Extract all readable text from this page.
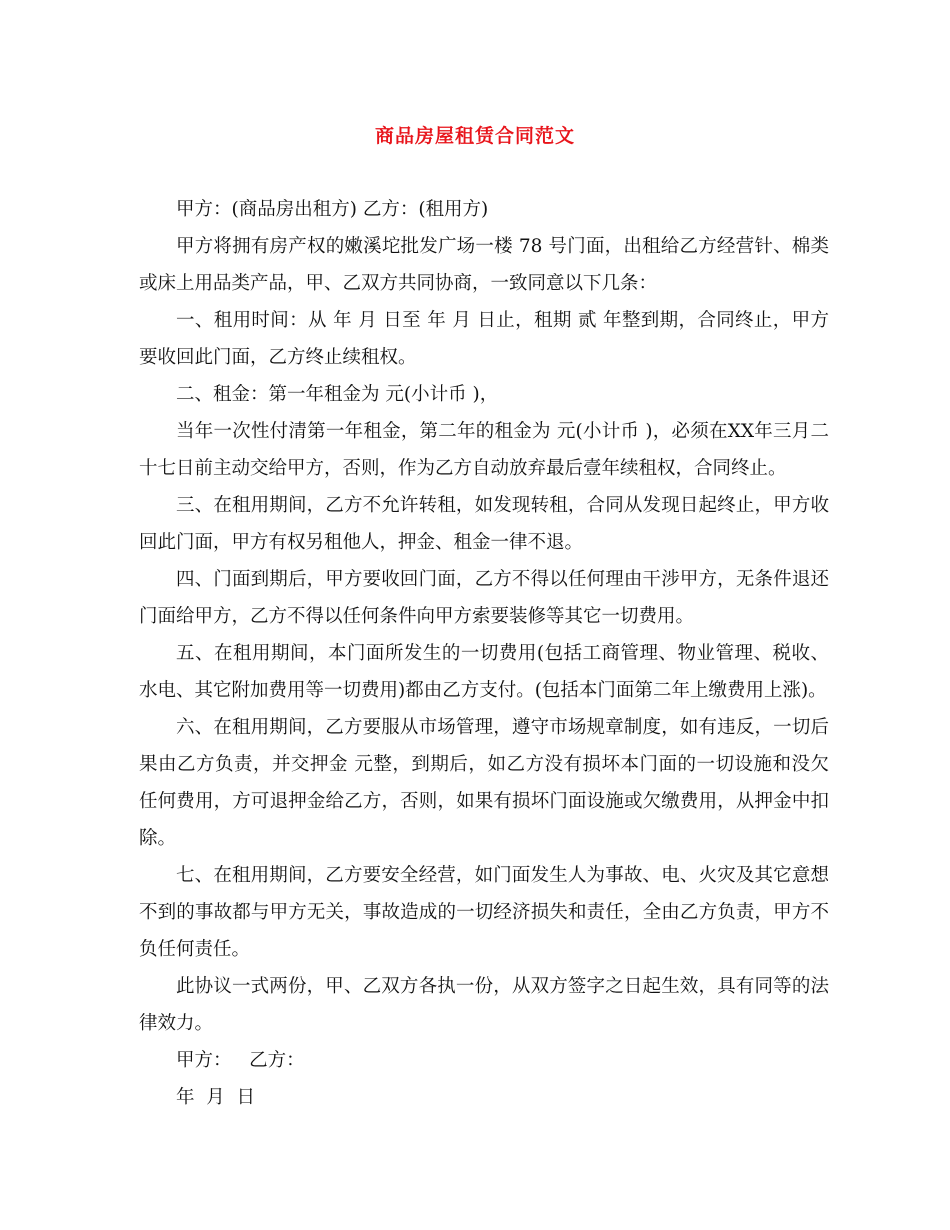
商品房屋租赁合同范文

甲方：(商品房出租方) 乙方：(租用方)

甲方将拥有房产权的嫩溪坨批发广场一楼 78 号门面，出租给乙方经营针、棉类或床上用品类产品，甲、乙双方共同协商，一致同意以下几条：

一、租用时间：从 年 月 日至 年 月 日止，租期 贰 年整到期，合同终止，甲方要收回此门面，乙方终止续租权。

二、租金：第一年租金为 元(小计币 )，

当年一次性付清第一年租金，第二年的租金为 元(小计币 )，必须在XX年三月二十七日前主动交给甲方，否则，作为乙方自动放弃最后壹年续租权，合同终止。

三、在租用期间，乙方不允许转租，如发现转租，合同从发现日起终止，甲方收回此门面，甲方有权另租他人，押金、租金一律不退。

四、门面到期后，甲方要收回门面，乙方不得以任何理由干涉甲方，无条件退还门面给甲方，乙方不得以任何条件向甲方索要装修等其它一切费用。

五、在租用期间，本门面所发生的一切费用(包括工商管理、物业管理、税收、水电、其它附加费用等一切费用)都由乙方支付。(包括本门面第二年上缴费用上涨)。

六、在租用期间，乙方要服从市场管理，遵守市场规章制度，如有违反，一切后果由乙方负责，并交押金 元整，到期后，如乙方没有损坏本门面的一切设施和没欠任何费用，方可退押金给乙方，否则，如果有损坏门面设施或欠缴费用，从押金中扣除。

七、在租用期间，乙方要安全经营，如门面发生人为事故、电、火灾及其它意想不到的事故都与甲方无关，事故造成的一切经济损失和责任，全由乙方负责，甲方不负任何责任。

此协议一式两份，甲、乙双方各执一份，从双方签字之日起生效，具有同等的法律效力。

甲方：   乙方：

年  月  日
